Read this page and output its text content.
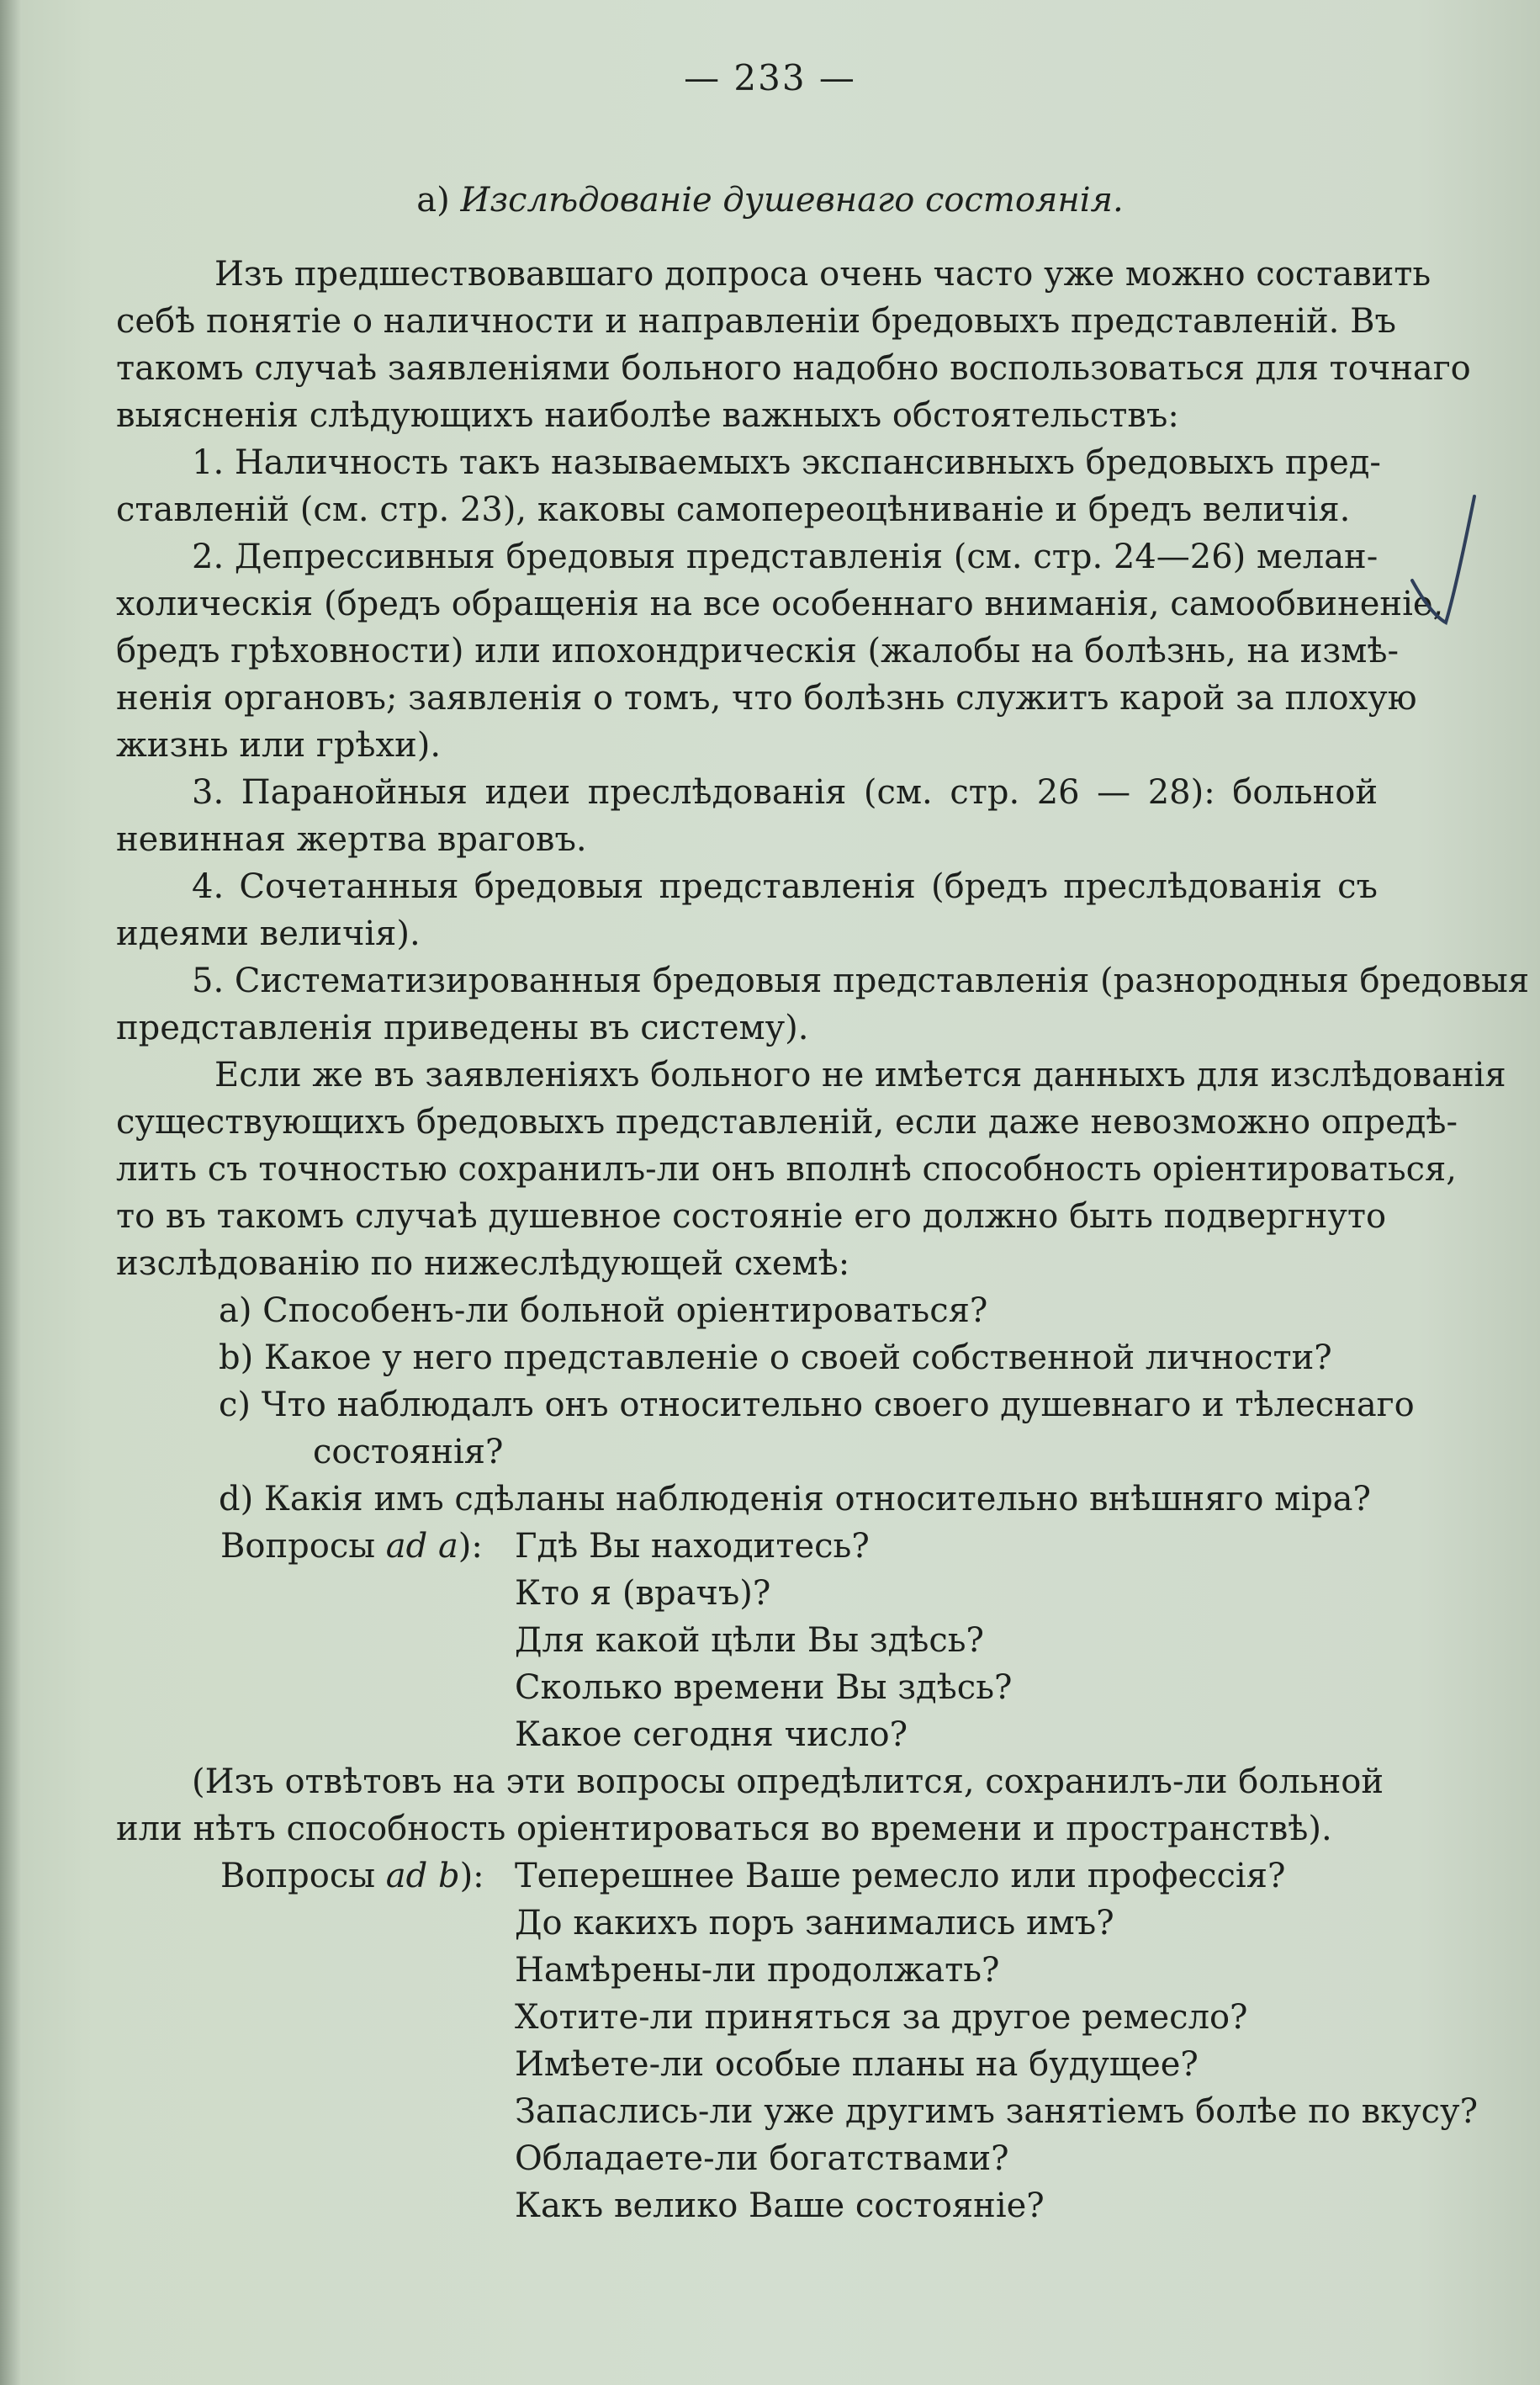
— 233 —
a) Изслѣдованіе душевнаго состоянія.
Изъ предшествовавшаго допроса очень часто уже можно составить
себѣ понятіе о наличности и направленіи бредовыхъ представленій. Въ
такомъ случаѣ заявленіями больного надобно воспользоваться для точнаго
выясненія слѣдующихъ наиболѣе важныхъ обстоятельствъ:
1. Наличность такъ называемыхъ экспансивныхъ бредовыхъ пред-
ставленій (см. стр. 23), каковы самопереоцѣниваніе и бредъ величія.
2. Депрессивныя бредовыя представленія (см. стр. 24—26) мелан-
холическія (бредъ обращенія на все особеннаго вниманія, самообвиненіе,
бредъ грѣховности) или ипохондрическія (жалобы на болѣзнь, на измѣ-
ненія органовъ; заявленія о томъ, что болѣзнь служитъ карой за плохую
жизнь или грѣхи).
3. Паранойныя идеи преслѣдованія (см. стр. 26 — 28): больной
невинная жертва враговъ.
4. Сочетанныя бредовыя представленія (бредъ преслѣдованія съ
идеями величія).
5. Систематизированныя бредовыя представленія (разнородныя бредовыя
представленія приведены въ систему).
Если же въ заявленіяхъ больного не имѣется данныхъ для изслѣдованія
существующихъ бредовыхъ представленій, если даже невозможно опредѣ-
лить съ точностью сохранилъ-ли онъ вполнѣ способность оріентироваться,
то въ такомъ случаѣ душевное состояніе его должно быть подвергнуто
изслѣдованію по нижеслѣдующей схемѣ:
a) Способенъ-ли больной оріентироваться?
b) Какое у него представленіе о своей собственной личности?
c) Что наблюдалъ онъ относительно своего душевнаго и тѣлеснаго
состоянія?
d) Какія имъ сдѣланы наблюденія относительно внѣшняго міра?
Вопросы ad a): Гдѣ Вы находитесь?
Кто я (врачъ)?
Для какой цѣли Вы здѣсь?
Сколько времени Вы здѣсь?
Какое сегодня число?
(Изъ отвѣтовъ на эти вопросы опредѣлится, сохранилъ-ли больной
или нѣтъ способность оріентироваться во времени и пространствѣ).
Вопросы ad b): Теперешнее Ваше ремесло или профессія?
До какихъ поръ занимались имъ?
Намѣрены-ли продолжать?
Хотите-ли приняться за другое ремесло?
Имѣете-ли особые планы на будущее?
Запаслись-ли уже другимъ занятіемъ болѣе по вкусу?
Обладаете-ли богатствами?
Какъ велико Ваше состояніе?
